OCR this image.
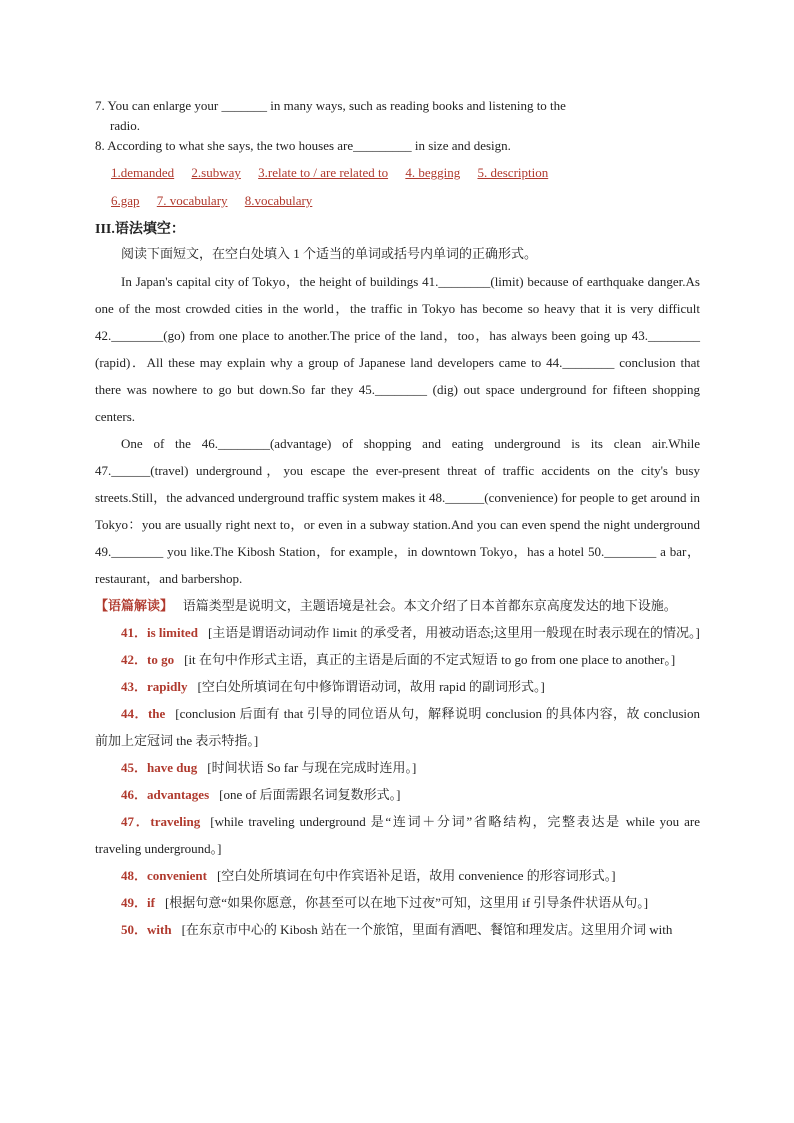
7. You can enlarge your _______ in many ways, such as reading books and listening to the

radio.

8. According to what she says, the two houses are_________ in size and design.

1.demanded 2.subway 3.relate to / are related to 4. begging 5. description
6.gap 7. vocabulary 8.vocabulary
III.语法填空：

阅读下面短文，在空白处填入 1 个适当的单词或括号内单词的正确形式。

In Japan's capital city of Tokyo，the height of buildings 41.________(limit) because of earthquake danger.As one of the most crowded cities in the world，the traffic in Tokyo has become so heavy that it is very difficult 42.________(go) from one place to another.The price of the land，too，has always been going up 43.________ (rapid)．All these may explain why a group of Japanese land developers came to 44.________ conclusion that there was nowhere to go but down.So far they 45.________ (dig) out space underground for fifteen shopping centers.

One of the 46.________(advantage) of shopping and eating underground is its clean air.While 47.______(travel) underground，you escape the ever-present threat of traffic accidents on the city's busy streets.Still，the advanced underground traffic system makes it 48.______(convenience) for people to get around in Tokyo：you are usually right next to，or even in a subway station.And you can even spend the night underground 49.________ you like.The Kibosh Station，for example，in downtown Tokyo，has a hotel 50.________ a bar，restaurant，and barbershop.

【语篇解读】 语篇类型是说明文，主题语境是社会。本文介绍了日本首都东京高度发达的地下设施。

41．is limited [主语是谓语动词动作 limit 的承受者，用被动语态;这里用一般现在时表示现在的情况。]

42．to go [it 在句中作形式主语，真正的主语是后面的不定式短语 to go from one place to another。]

43．rapidly [空白处所填词在句中修饰谓语动词，故用 rapid 的副词形式。]

44．the [conclusion 后面有 that 引导的同位语从句，解释说明 conclusion 的具体内容，故 conclusion 前加上定冠词 the 表示特指。]

45．have dug [时间状语 So far 与现在完成时连用。]

46．advantages [one of 后面需跟名词复数形式。]

47．traveling [while traveling underground 是“连词＋分词”省略结构，完整表达是 while you are traveling underground。]

48．convenient [空白处所填词在句中作宾语补足语，故用 convenience 的形容词形式。]

49．if [根据句意“如果你愿意，你甚至可以在地下过夜”可知，这里用 if 引导条件状语从句。]

50．with [在东京市中心的 Kibosh 站在一个旅馆，里面有酒吧、餐馆和理发店。这里用介词 with
